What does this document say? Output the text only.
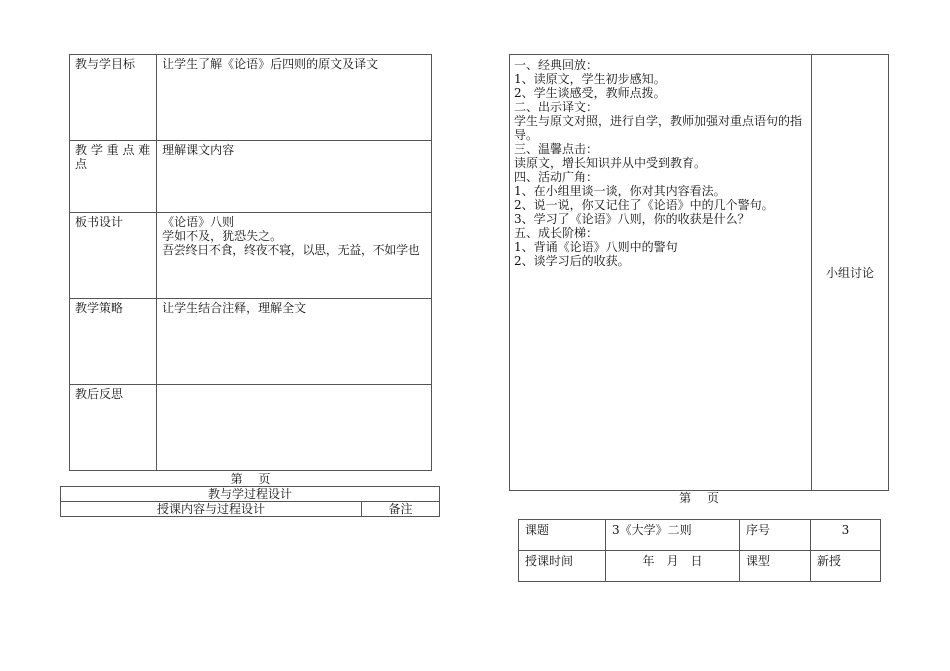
教与学目标	让学生了解《论语》后四则的原文及译文

教 学 重 点 难 点	理解课文内容

板书设计	《论语》八则
学如不及，犹恐失之。
吾尝终日不食，终夜不寝，以思，无益，不如学也

教学策略	让学生结合注释，理解全文

教后反思	
第　 页
教与学过程设计
授课内容与过程设计	备注
一、经典回放：
1、读原文，学生初步感知。
2、学生谈感受，教师点拨。
二、出示译文：
学生与原文对照，进行自学，教师加强对重点语句的指导。
三、温馨点击：
读原文，增长知识并从中受到教育。
四、活动广角：
1、在小组里谈一谈，你对其内容看法。
2、说一说，你又记住了《论语》中的几个警句。
3、学习了《论语》八则，你的收获是什么？
五、成长阶梯：
1、背诵《论语》八则中的警句
2、谈学习后的收获。
	小组讨论
第　 页
课题	3《大学》二则	序号	3
授课时间	年　月　日	课型	新授
